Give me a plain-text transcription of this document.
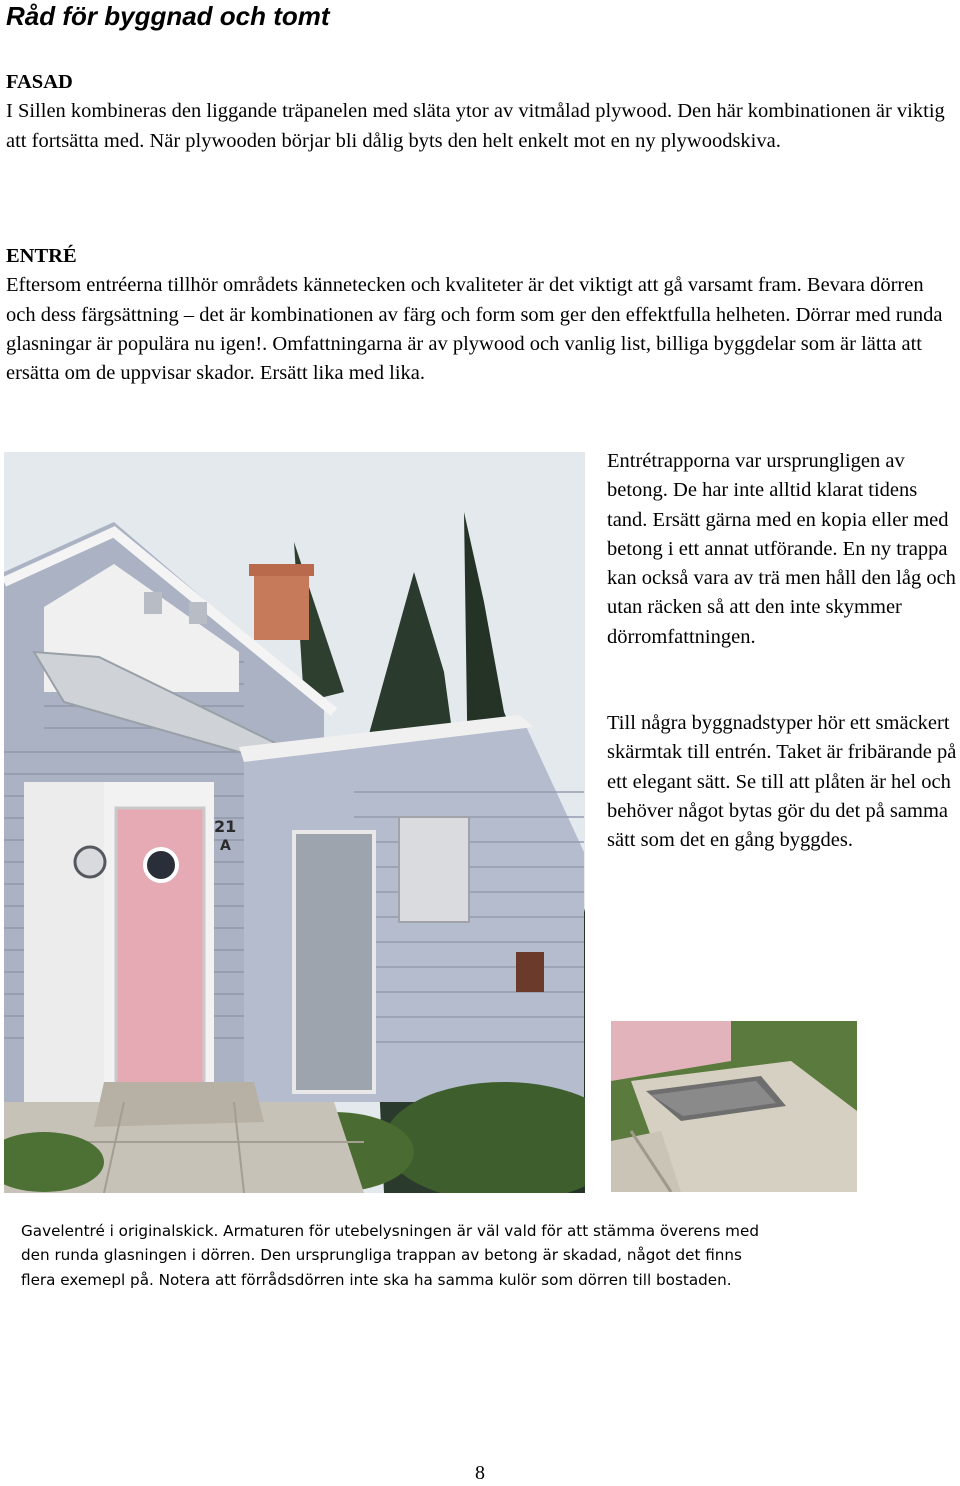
Råd för byggnad och tomt
FASAD

I Sillen kombineras den liggande träpanelen med släta ytor av vitmålad plywood. Den här kombinationen är viktig att fortsätta med. När plywooden börjar bli dålig byts den helt enkelt mot en ny plywoodskiva.

ENTRÉ

Eftersom entréerna tillhör områdets kännetecken och kvaliteter är det viktigt att gå varsamt fram. Bevara dörren och dess färgsättning – det är kombinationen av färg och form som ger den effektfulla helheten. Dörrar med runda glasningar är populära nu igen!. Omfattningarna är av plywood och vanlig list, billiga byggdelar som är lätta att ersätta om de uppvisar skador. Ersätt lika med lika.

21
A

Entrétrapporna var ursprungligen av betong. De har inte alltid klarat tidens tand. Ersätt gärna med en kopia eller med betong i ett annat utförande. En ny trappa kan också vara av trä men håll den låg och utan räcken så att den inte skymmer dörromfattningen.

Till några byggnadstyper hör ett smäckert skärmtak till entrén. Taket är fribärande på ett elegant sätt. Se till att plåten är hel och behöver något bytas gör du det på samma sätt som det en gång byggdes.

Gavelentré i originalskick. Armaturen för utebelysningen är väl vald för att stämma överens med

den runda glasningen i dörren. Den ursprungliga trappan av betong är skadad, något det finns

flera exemepl på. Notera att förrådsdörren inte ska ha samma kulör som dörren till bostaden.

8
